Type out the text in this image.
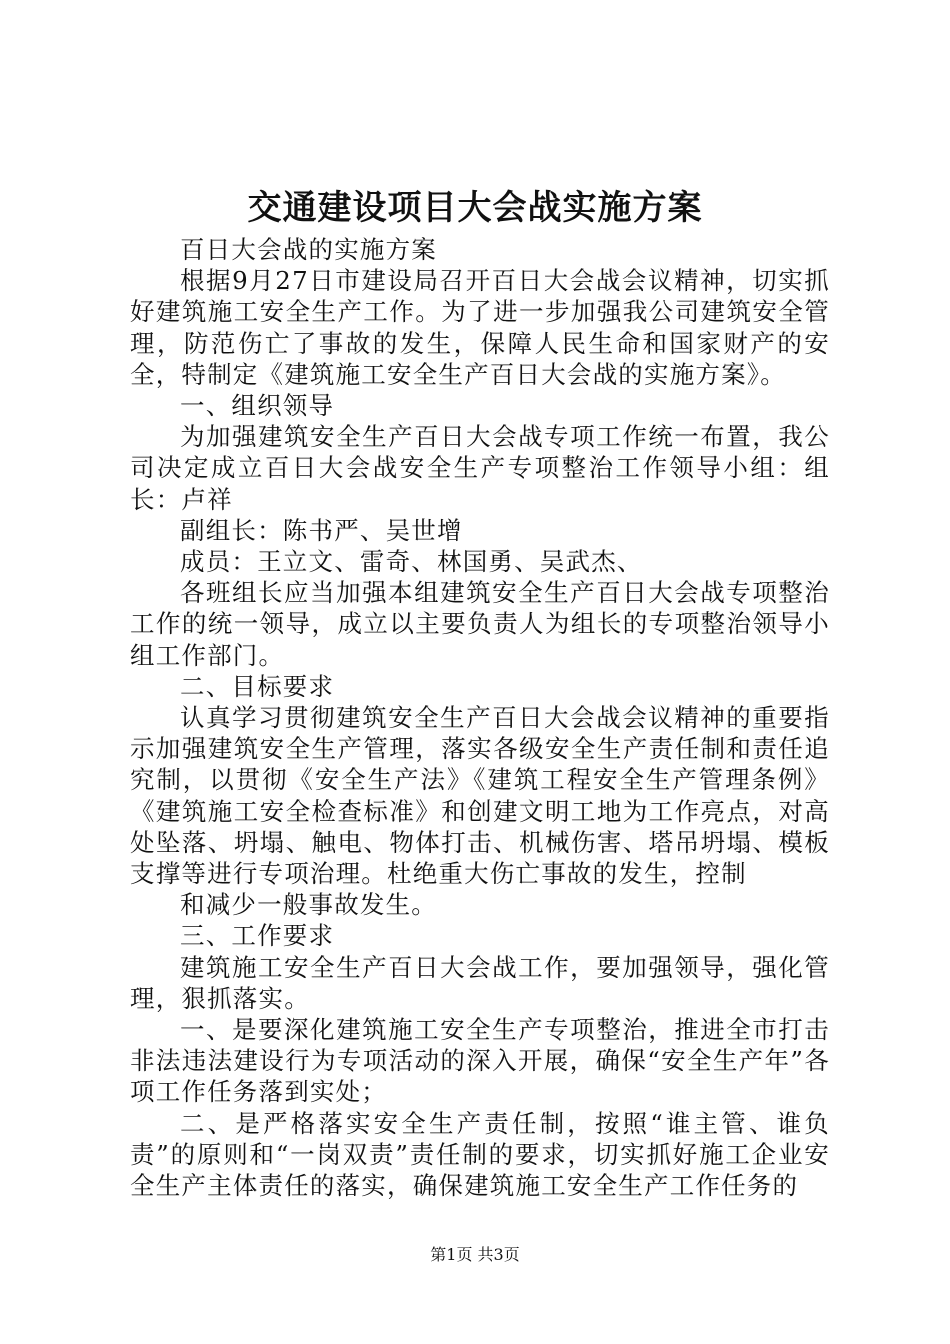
交通建设项目大会战实施方案

百日大会战的实施方案

根据9月27日市建设局召开百日大会战会议精神，切实抓好建筑施工安全生产工作。为了进一步加强我公司建筑安全管理，防范伤亡了事故的发生，保障人民生命和国家财产的安全，特制定《建筑施工安全生产百日大会战的实施方案》。

一、组织领导

为加强建筑安全生产百日大会战专项工作统一布置，我公司决定成立百日大会战安全生产专项整治工作领导小组：组长：卢祥

副组长：陈书严、吴世增

成员：王立文、雷奇、林国勇、吴武杰、

各班组长应当加强本组建筑安全生产百日大会战专项整治工作的统一领导，成立以主要负责人为组长的专项整治领导小组工作部门。

二、目标要求

认真学习贯彻建筑安全生产百日大会战会议精神的重要指示加强建筑安全生产管理，落实各级安全生产责任制和责任追究制，以贯彻《安全生产法》《建筑工程安全生产管理条例》《建筑施工安全检查标准》和创建文明工地为工作亮点，对高处坠落、坍塌、触电、物体打击、机械伤害、塔吊坍塌、模板支撑等进行专项治理。杜绝重大伤亡事故的发生，控制

和减少一般事故发生。

三、工作要求

建筑施工安全生产百日大会战工作，要加强领导，强化管理，狠抓落实。

一、是要深化建筑施工安全生产专项整治，推进全市打击非法违法建设行为专项活动的深入开展，确保“安全生产年”各项工作任务落到实处；

二、是严格落实安全生产责任制，按照“谁主管、谁负责”的原则和“一岗双责”责任制的要求，切实抓好施工企业安全生产主体责任的落实，确保建筑施工安全生产工作任务的

第1页 共3页
